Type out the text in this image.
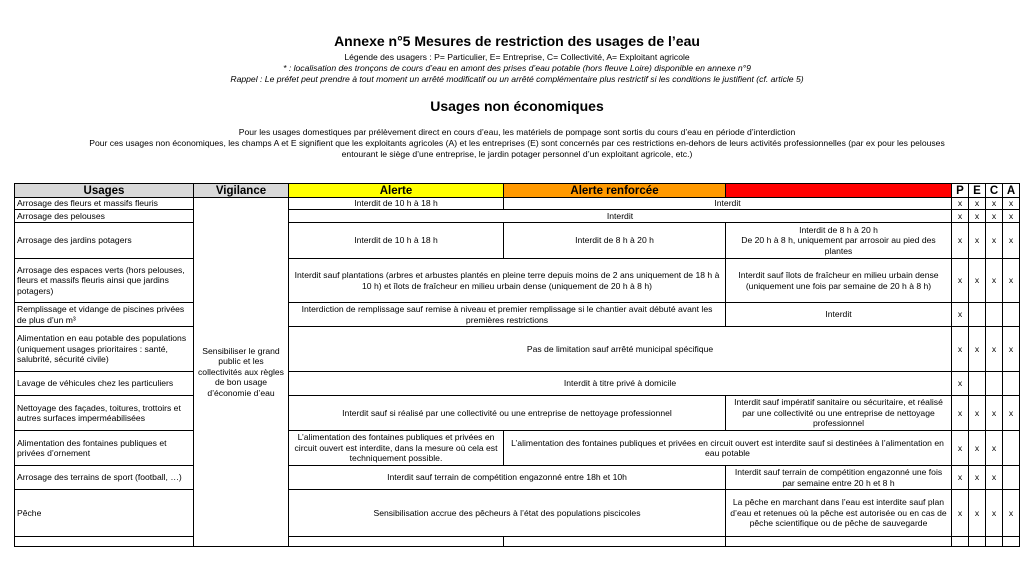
Annexe n°5 Mesures de restriction des usages de l’eau
Légende des usagers : P= Particulier, E= Entreprise, C= Collectivité, A= Exploitant agricole
* : localisation des tronçons de cours d’eau en amont des prises d’eau potable (hors fleuve Loire) disponible en annexe n°9
Rappel : Le préfet peut prendre à tout moment un arrêté modificatif ou un arrêté complémentaire plus restrictif si les conditions le justifient (cf. article 5)
Usages non économiques
Pour les usages domestiques par prélèvement direct en cours d’eau, les matériels de pompage sont sortis du cours d’eau en période d’interdiction
Pour ces usages non économiques, les champs A et E signifient que les exploitants agricoles (A) et les entreprises (E) sont concernés par ces restrictions en-dehors de leurs activités professionnelles (par ex pour les pelouses
entourant le siège d’une entreprise, le jardin potager personnel d’un exploitant agricole, etc.)
Usages	Vigilance	Alerte	Alerte renforcée	Crise	P	E	C	A
Arrosage des fleurs et massifs fleuris	Sensibiliser le grand public et les collectivités aux règles de bon usage d’économie d’eau	Interdit de 10 h à 18 h	Interdit		x	x	x	x
Arrosage des pelouses		Interdit			x	x	x	x
Arrosage des jardins potagers		Interdit de 10 h à 18 h	Interdit de 8 h à 20 h	Interdit de 8 h à 20 h
De 20 h à 8 h, uniquement par arrosoir au pied des plantes	x	x	x	x
Arrosage des espaces verts (hors pelouses, fleurs et massifs fleuris ainsi que jardins potagers)		Interdit sauf plantations (arbres et arbustes plantés en pleine terre depuis moins de 2 ans uniquement de 18 h à 10 h) et îlots de fraîcheur en milieu urbain dense (uniquement de 20 h à 8 h)		Interdit sauf îlots de fraîcheur en milieu urbain dense (uniquement une fois par semaine de 20 h à 8 h)	x	x	x	x
Remplissage et vidange de piscines privées de plus d’un m³		Interdiction de remplissage sauf remise à niveau et premier remplissage si le chantier avait débuté avant les premières restrictions		Interdit	x			
Alimentation en eau potable des populations
(uniquement usages prioritaires : santé, salubrité, sécurité civile)		Pas de limitation sauf arrêté municipal spécifique			x	x	x	x
Lavage de véhicules chez les particuliers		Interdit à titre privé à domicile			x			
Nettoyage des façades, toitures, trottoirs et autres surfaces imperméabilisées		Interdit sauf si réalisé par une collectivité ou une entreprise de nettoyage professionnel		Interdit sauf impératif sanitaire ou sécuritaire, et réalisé par une collectivité ou une entreprise de nettoyage professionnel	x	x	x	x
Alimentation des fontaines publiques et privées d’ornement		L’alimentation des fontaines publiques et privées en circuit ouvert est interdite, dans la mesure où cela est techniquement possible.	L’alimentation des fontaines publiques et privées en circuit ouvert est interdite sauf si destinées à l’alimentation en eau potable		x	x	x	
Arrosage des terrains de sport (football, …)		Interdit sauf terrain de compétition engazonné entre 18h et 10h		Interdit sauf terrain de compétition engazonné une fois par semaine entre 20 h et 8 h	x	x	x	
Pêche		Sensibilisation accrue des pêcheurs à l’état des populations piscicoles		La pêche en marchant dans l’eau est interdite sauf plan d’eau et retenues où la pêche est autorisée ou en cas de pêche scientifique ou de pêche de sauvegarde	x	x	x	x
